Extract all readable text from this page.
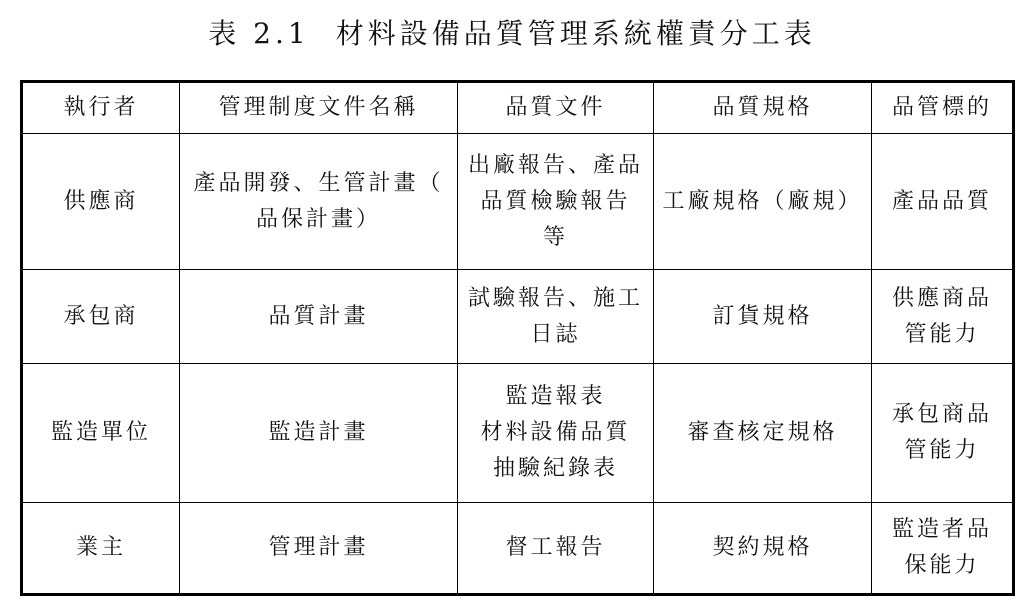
表 2.1 材料設備品質管理系統權責分工表
執行者	管理制度文件名稱	品質文件	品質規格	品管標的

供應商	產品開發、生管計畫（
品保計畫）	出廠報告、產品
品質檢驗報告
等	工廠規格（廠規）	產品品質

承包商	品質計畫	試驗報告、施工
日誌	訂貨規格	供應商品
管能力

監造單位	監造計畫	監造報表
材料設備品質
抽驗紀錄表	審查核定規格	承包商品
管能力

業主	管理計畫	督工報告	契約規格	監造者品
保能力
